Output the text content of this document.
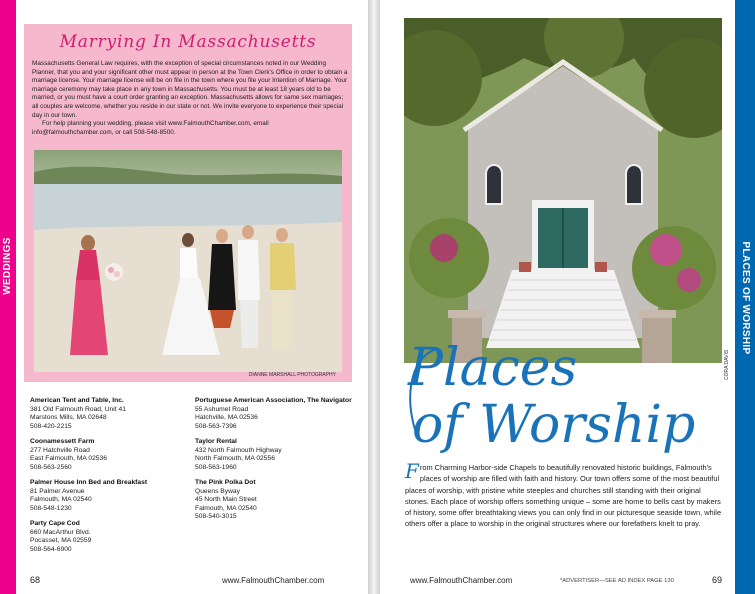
WEDDINGS
Marrying In Massachusetts

Massachusetts General Law requires, with the exception of special circumstances noted in our Wedding Planner, that you and your significant other must appear in person at the Town Clerk's Office in order to obtain a marriage license. Your marriage license will be on file in the town where you file your Intention of Marriage. Your marriage ceremony may take place in any town in Massachusetts. You must be at least 18 years old to be married, or you must have a court order granting an exception. Massachusetts allows for same sex marriages; all couples are welcome, whether you reside in our state or not. We invite everyone to experience their special day in our town.

For help planning your wedding, please visit www.FalmouthChamber.com, email info@falmouthchamber.com, or call 508-548-8500.

DIANNE MARSHALL PHOTOGRAPHY
American Tent and Table, Inc.
381 Old Falmouth Road, Unit 41
Marstons Mills, MA 02648
508-420-2215
Coonamessett Farm
277 Hatchville Road
East Falmouth, MA 02536
508-563-2560
Palmer House Inn Bed and Breakfast
81 Palmer Avenue
Falmouth, MA 02540
508-548-1230
Party Cape Cod
660 MacArthur Blvd.
Pocasset, MA 02559
508-564-6900
Portuguese American Association, The Navigator
55 Ashumet Road
Hatchville, MA 02536
508-563-7396
Taylor Rental
432 North Falmouth Highway
North Falmouth, MA 02556
508-563-1960
The Pink Polka Dot
Queens Byway
45 North Main Street
Falmouth, MA 02540
508-540-3015
68	www.FalmouthChamber.com
PLACES OF WORSHIP
CORA DAVIS
Places
of Worship
From Charming Harbor-side Chapels to beautifully renovated historic buildings, Falmouth's places of worship are filled with faith and history. Our town offers some of the most beautiful places of worship, with pristine white steeples and churches still standing with their original stones. Each place of worship offers something unique – some are home to bells cast by makers of history, some offer breathtaking views you can only find in our picturesque seaside town, while others offer a place to worship in the original structures where our forefathers knelt to pray.
www.FalmouthChamber.com	*ADVERTISER—SEE AD INDEX PAGE 130	69
